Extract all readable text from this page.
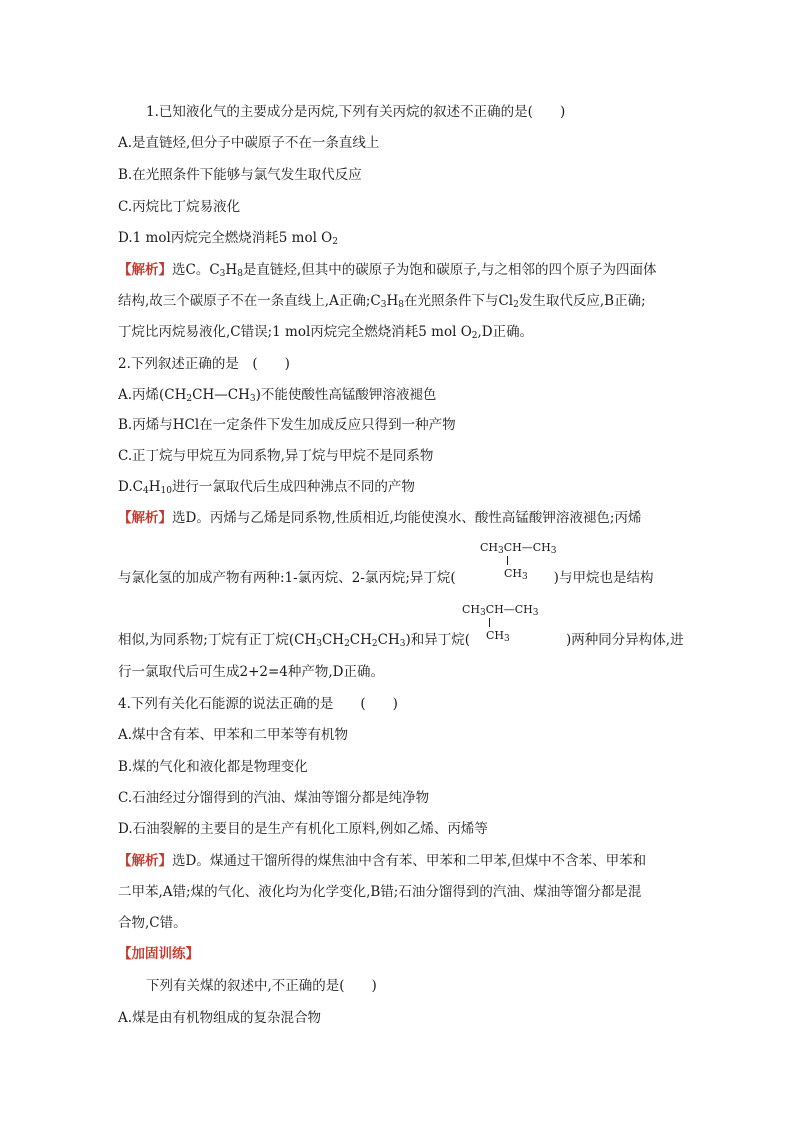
1.已知液化气的主要成分是丙烷,下列有关丙烷的叙述不正确的是(　　)
A.是直链烃,但分子中碳原子不在一条直线上
B.在光照条件下能够与氯气发生取代反应
C.丙烷比丁烷易液化
D.1 mol丙烷完全燃烧消耗5 mol $O_2$
【解析】选C。$C_3H_8$是直链烃,但其中的碳原子为饱和碳原子,与之相邻的四个原子为四面体
结构,故三个碳原子不在一条直线上,A正确$;C_3H_8$在光照条件下与$Cl_2$发生取代反应,B正确;
丁烷比丙烷易液化,C错误;1 mol丙烷完全燃烧消耗5 mol $O_2,D$正确。
2.下列叙述正确的是　(　　)
A.丙烯$(CH_2CH—CH_3)$不能使酸性高锰酸钾溶液褪色
B.丙烯与HCl在一定条件下发生加成反应只得到一种产物
C.正丁烷与甲烷互为同系物,异丁烷与甲烷不是同系物
$D.C_4H_{10}$进行一氯取代后生成四种沸点不同的产物
【解析】选D。丙烯与乙烯是同系物,性质相近,均能使溴水、酸性高锰酸钾溶液褪色;丙烯
$CH_3CH—CH_3$
$CH_3$
与氯化氢的加成产物有两种:1-氯丙烷、2-氯丙烷;异丁烷(	)与甲烷也是结构
$CH_3CH—CH_3$
$CH_3$
相似,为同系物;丁烷有正丁烷$(CH_3CH_2CH_2CH_3)$和异丁烷(	)两种同分异构体,进
行一氯取代后可生成2+2=4种产物,D正确。
4.下列有关化石能源的说法正确的是　　(　　)
A.煤中含有苯、甲苯和二甲苯等有机物
B.煤的气化和液化都是物理变化
C.石油经过分馏得到的汽油、煤油等馏分都是纯净物
D.石油裂解的主要目的是生产有机化工原料,例如乙烯、丙烯等
【解析】选D。煤通过干馏所得的煤焦油中含有苯、甲苯和二甲苯,但煤中不含苯、甲苯和
二甲苯,A错;煤的气化、液化均为化学变化,B错;石油分馏得到的汽油、煤油等馏分都是混
合物,C错。
【加固训练】
下列有关煤的叙述中,不正确的是(　　)
A.煤是由有机物组成的复杂混合物
